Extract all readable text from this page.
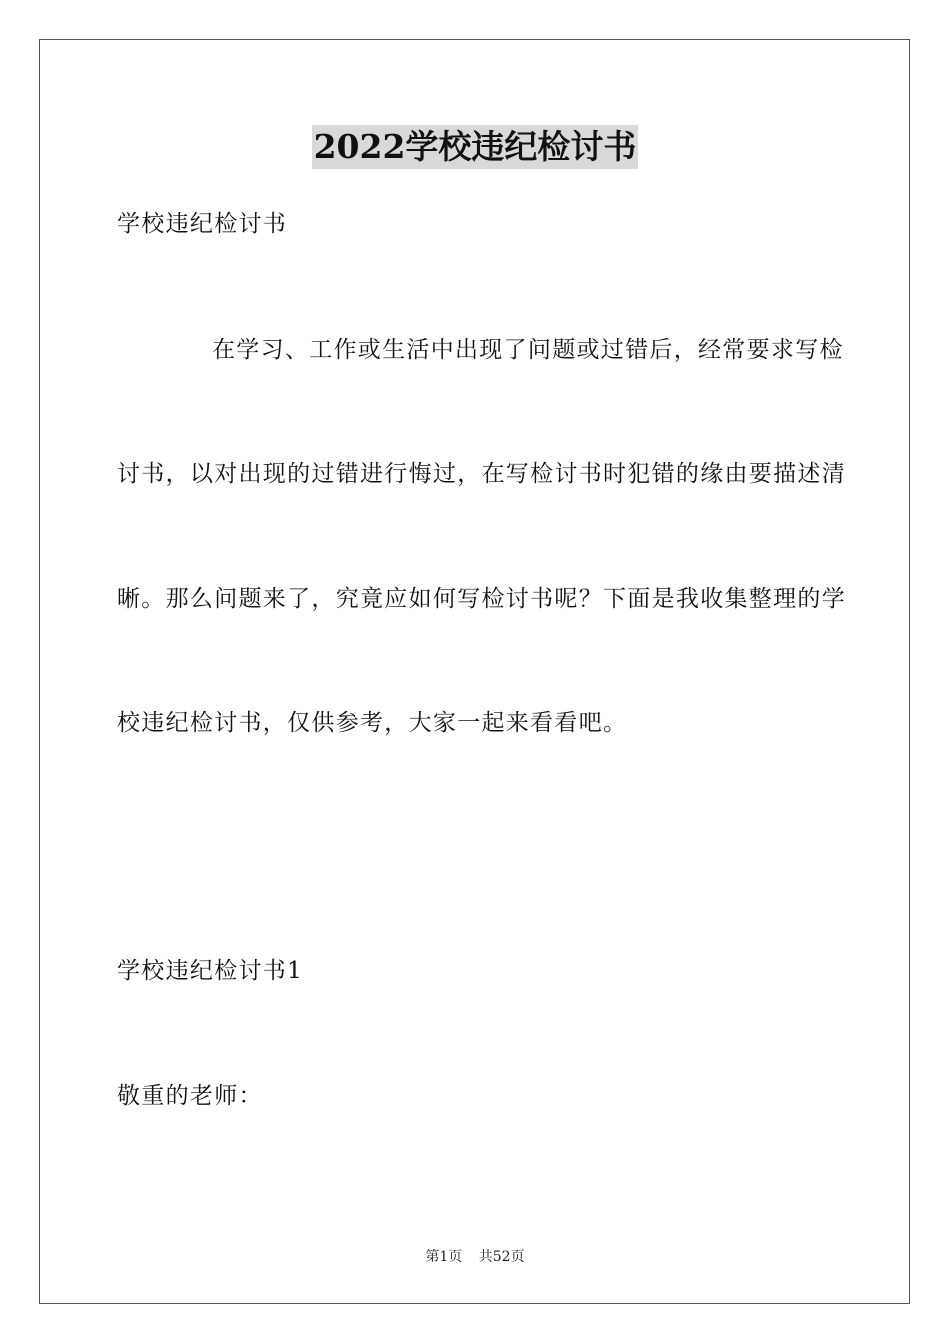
2022学校违纪检讨书
学校违纪检讨书
在学习、工作或生活中出现了问题或过错后，经常要求写检
讨书，以对出现的过错进行悔过，在写检讨书时犯错的缘由要描述清
晰。那么问题来了，究竟应如何写检讨书呢？下面是我收集整理的学
校违纪检讨书，仅供参考，大家一起来看看吧。
学校违纪检讨书1
敬重的老师：
第1页 共52页
